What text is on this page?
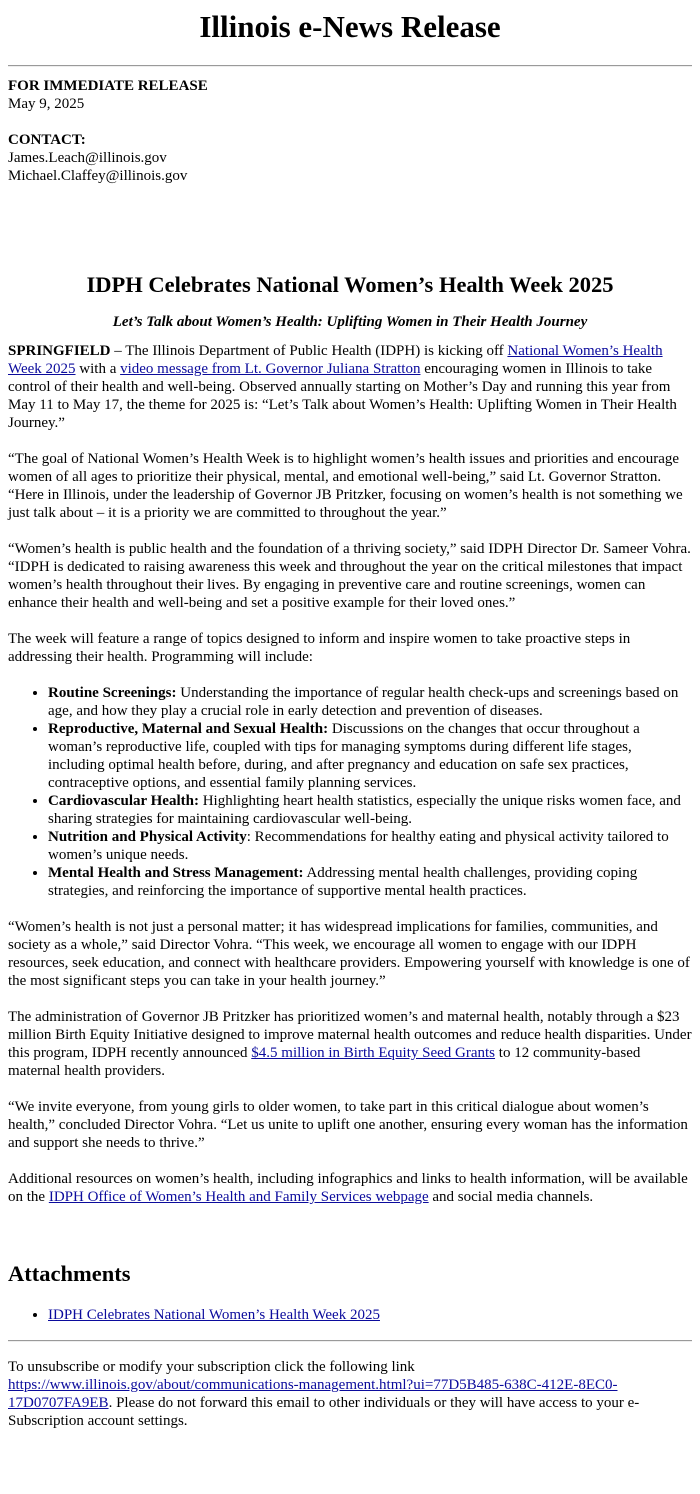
Illinois e-News Release
FOR IMMEDIATE RELEASE
May 9, 2025
CONTACT:
James.Leach@illinois.gov
Michael.Claffey@illinois.gov
IDPH Celebrates National Women’s Health Week 2025
Let’s Talk about Women’s Health: Uplifting Women in Their Health Journey

SPRINGFIELD – The Illinois Department of Public Health (IDPH) is kicking off National Women’s Health Week 2025 with a video message from Lt. Governor Juliana Stratton encouraging women in Illinois to take control of their health and well-being. Observed annually starting on Mother’s Day and running this year from May 11 to May 17, the theme for 2025 is: “Let’s Talk about Women’s Health: Uplifting Women in Their Health Journey.”

“The goal of National Women’s Health Week is to highlight women’s health issues and priorities and encourage women of all ages to prioritize their physical, mental, and emotional well-being,” said Lt. Governor Stratton. “Here in Illinois, under the leadership of Governor JB Pritzker, focusing on women’s health is not something we just talk about – it is a priority we are committed to throughout the year.”

“Women’s health is public health and the foundation of a thriving society,” said IDPH Director Dr. Sameer Vohra. “IDPH is dedicated to raising awareness this week and throughout the year on the critical milestones that impact women’s health throughout their lives. By engaging in preventive care and routine screenings, women can enhance their health and well-being and set a positive example for their loved ones.”

The week will feature a range of topics designed to inform and inspire women to take proactive steps in addressing their health. Programming will include:

• Routine Screenings: Understanding the importance of regular health check-ups and screenings based on age, and how they play a crucial role in early detection and prevention of diseases.
• Reproductive, Maternal and Sexual Health: Discussions on the changes that occur throughout a woman’s reproductive life, coupled with tips for managing symptoms during different life stages, including optimal health before, during, and after pregnancy and education on safe sex practices, contraceptive options, and essential family planning services.
• Cardiovascular Health: Highlighting heart health statistics, especially the unique risks women face, and sharing strategies for maintaining cardiovascular well-being.
• Nutrition and Physical Activity: Recommendations for healthy eating and physical activity tailored to women’s unique needs.
• Mental Health and Stress Management: Addressing mental health challenges, providing coping strategies, and reinforcing the importance of supportive mental health practices.

“Women’s health is not just a personal matter; it has widespread implications for families, communities, and society as a whole,” said Director Vohra. “This week, we encourage all women to engage with our IDPH resources, seek education, and connect with healthcare providers. Empowering yourself with knowledge is one of the most significant steps you can take in your health journey.”

The administration of Governor JB Pritzker has prioritized women’s and maternal health, notably through a $23 million Birth Equity Initiative designed to improve maternal health outcomes and reduce health disparities. Under this program, IDPH recently announced $4.5 million in Birth Equity Seed Grants to 12 community-based maternal health providers.

“We invite everyone, from young girls to older women, to take part in this critical dialogue about women’s health,” concluded Director Vohra. “Let us unite to uplift one another, ensuring every woman has the information and support she needs to thrive.”

Additional resources on women’s health, including infographics and links to health information, will be available on the IDPH Office of Women’s Health and Family Services webpage and social media channels.

Attachments
• IDPH Celebrates National Women’s Health Week 2025

To unsubscribe or modify your subscription click the following link https://www.illinois.gov/about/communications-management.html?ui=77D5B485-638C-412E-8EC0-17D0707FA9EB. Please do not forward this email to other individuals or they will have access to your e-Subscription account settings.
